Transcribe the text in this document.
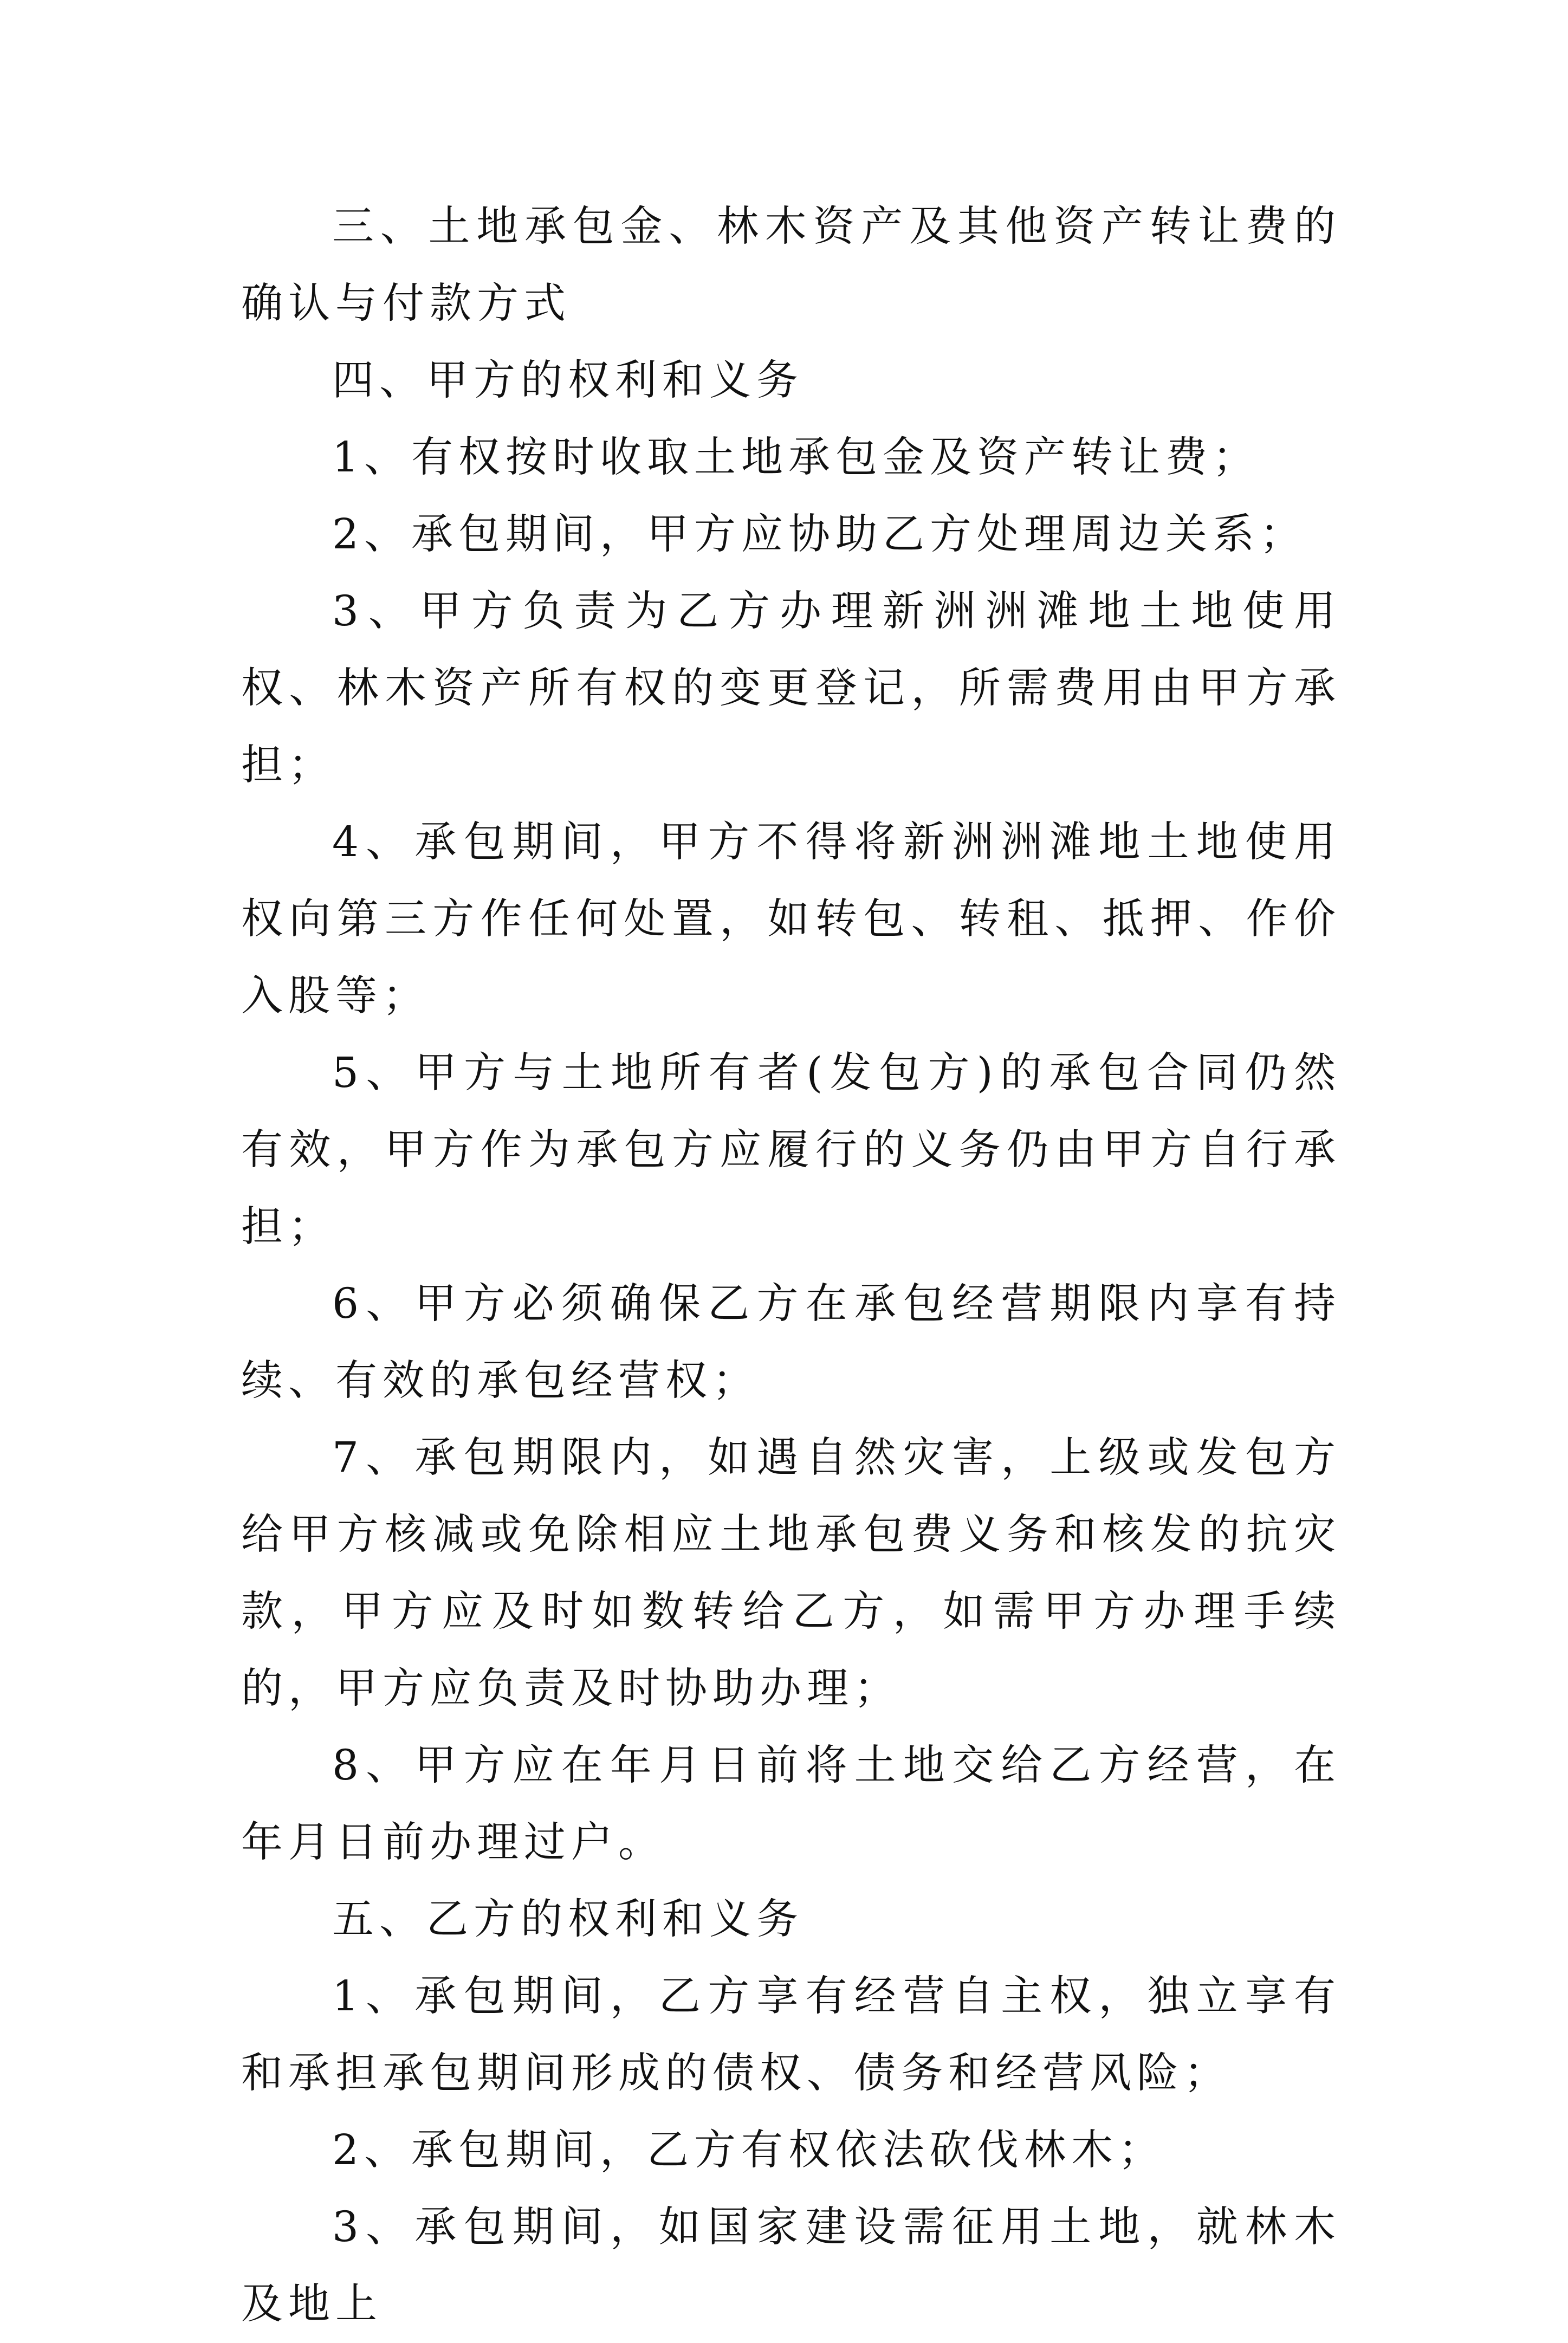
三、土地承包金、林木资产及其他资产转让费的确认与付款方式

四、甲方的权利和义务

1、有权按时收取土地承包金及资产转让费；

2、承包期间，甲方应协助乙方处理周边关系；

3、甲方负责为乙方办理新洲洲滩地土地使用权、林木资产所有权的变更登记，所需费用由甲方承担；

4、承包期间，甲方不得将新洲洲滩地土地使用权向第三方作任何处置，如转包、转租、抵押、作价入股等；

5、甲方与土地所有者(发包方)的承包合同仍然有效，甲方作为承包方应履行的义务仍由甲方自行承担；

6、甲方必须确保乙方在承包经营期限内享有持续、有效的承包经营权；

7、承包期限内，如遇自然灾害，上级或发包方给甲方核减或免除相应土地承包费义务和核发的抗灾款，甲方应及时如数转给乙方，如需甲方办理手续的，甲方应负责及时协助办理；

8、甲方应在年月日前将土地交给乙方经营，在年月日前办理过户。

五、乙方的权利和义务

1、承包期间，乙方享有经营自主权，独立享有和承担承包期间形成的债权、债务和经营风险；

2、承包期间，乙方有权依法砍伐林木；

3、承包期间，如国家建设需征用土地，就林木及地上
